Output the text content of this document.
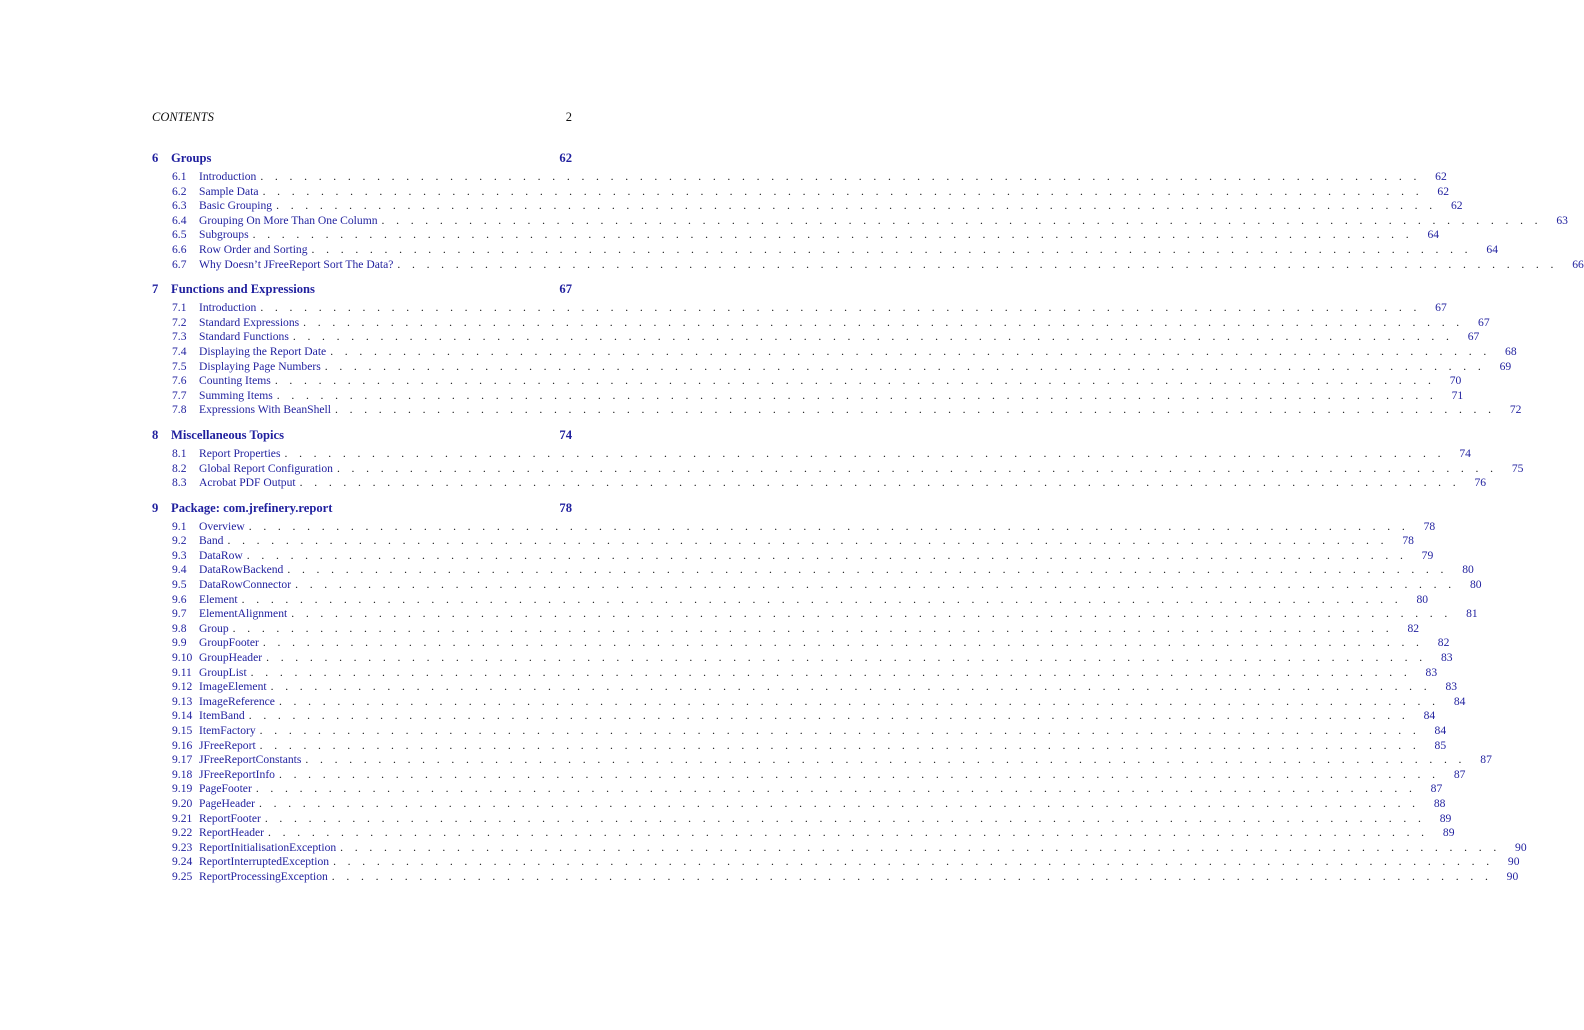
CONTENTS	2
6	Groups	62
6.1	Introduction . . . . . . . . . . . . . . . . . . . . . . . . . . . . . . . . . . . . . . . . . . . . . . . . . . . . . . . . . . . . . . . . . . . . . . . . . . . . . . . .	62
6.2	Sample Data . . . . . . . . . . . . . . . . . . . . . . . . . . . . . . . . . . . . . . . . . . . . . . . . . . . . . . . . . . . . . . . . . . . . . . . . . . . . . . . .	62
6.3	Basic Grouping . . . . . . . . . . . . . . . . . . . . . . . . . . . . . . . . . . . . . . . . . . . . . . . . . . . . . . . . . . . . . . . . . . . . . . . . . . . . . . . .	62
6.4	Grouping On More Than One Column . . . . . . . . . . . . . . . . . . . . . . . . . . . . . . . . . . . . . . . . . . . . . . . . . . . . . . . . . . . . . . . . . . . . . . . . . . . . . . . .	63
6.5	Subgroups . . . . . . . . . . . . . . . . . . . . . . . . . . . . . . . . . . . . . . . . . . . . . . . . . . . . . . . . . . . . . . . . . . . . . . . . . . . . . . . .	64
6.6	Row Order and Sorting . . . . . . . . . . . . . . . . . . . . . . . . . . . . . . . . . . . . . . . . . . . . . . . . . . . . . . . . . . . . . . . . . . . . . . . . . . . . . . . .	64
6.7	Why Doesn’t JFreeReport Sort The Data? . . . . . . . . . . . . . . . . . . . . . . . . . . . . . . . . . . . . . . . . . . . . . . . . . . . . . . . . . . . . . . . . . . . . . . . . . . . . . . . .	66
7	Functions and Expressions	67
7.1	Introduction . . . . . . . . . . . . . . . . . . . . . . . . . . . . . . . . . . . . . . . . . . . . . . . . . . . . . . . . . . . . . . . . . . . . . . . . . . . . . . . .	67
7.2	Standard Expressions . . . . . . . . . . . . . . . . . . . . . . . . . . . . . . . . . . . . . . . . . . . . . . . . . . . . . . . . . . . . . . . . . . . . . . . . . . . . . . . .	67
7.3	Standard Functions . . . . . . . . . . . . . . . . . . . . . . . . . . . . . . . . . . . . . . . . . . . . . . . . . . . . . . . . . . . . . . . . . . . . . . . . . . . . . . . .	67
7.4	Displaying the Report Date . . . . . . . . . . . . . . . . . . . . . . . . . . . . . . . . . . . . . . . . . . . . . . . . . . . . . . . . . . . . . . . . . . . . . . . . . . . . . . . .	68
7.5	Displaying Page Numbers . . . . . . . . . . . . . . . . . . . . . . . . . . . . . . . . . . . . . . . . . . . . . . . . . . . . . . . . . . . . . . . . . . . . . . . . . . . . . . . .	69
7.6	Counting Items . . . . . . . . . . . . . . . . . . . . . . . . . . . . . . . . . . . . . . . . . . . . . . . . . . . . . . . . . . . . . . . . . . . . . . . . . . . . . . . .	70
7.7	Summing Items . . . . . . . . . . . . . . . . . . . . . . . . . . . . . . . . . . . . . . . . . . . . . . . . . . . . . . . . . . . . . . . . . . . . . . . . . . . . . . . .	71
7.8	Expressions With BeanShell . . . . . . . . . . . . . . . . . . . . . . . . . . . . . . . . . . . . . . . . . . . . . . . . . . . . . . . . . . . . . . . . . . . . . . . . . . . . . . . .	72
8	Miscellaneous Topics	74
8.1	Report Properties . . . . . . . . . . . . . . . . . . . . . . . . . . . . . . . . . . . . . . . . . . . . . . . . . . . . . . . . . . . . . . . . . . . . . . . . . . . . . . . .	74
8.2	Global Report Configuration . . . . . . . . . . . . . . . . . . . . . . . . . . . . . . . . . . . . . . . . . . . . . . . . . . . . . . . . . . . . . . . . . . . . . . . . . . . . . . . .	75
8.3	Acrobat PDF Output . . . . . . . . . . . . . . . . . . . . . . . . . . . . . . . . . . . . . . . . . . . . . . . . . . . . . . . . . . . . . . . . . . . . . . . . . . . . . . . .	76
9	Package: com.jrefinery.report	78
9.1	Overview . . . . . . . . . . . . . . . . . . . . . . . . . . . . . . . . . . . . . . . . . . . . . . . . . . . . . . . . . . . . . . . . . . . . . . . . . . . . . . . .	78
9.2	Band . . . . . . . . . . . . . . . . . . . . . . . . . . . . . . . . . . . . . . . . . . . . . . . . . . . . . . . . . . . . . . . . . . . . . . . . . . . . . . . .	78
9.3	DataRow . . . . . . . . . . . . . . . . . . . . . . . . . . . . . . . . . . . . . . . . . . . . . . . . . . . . . . . . . . . . . . . . . . . . . . . . . . . . . . . .	79
9.4	DataRowBackend . . . . . . . . . . . . . . . . . . . . . . . . . . . . . . . . . . . . . . . . . . . . . . . . . . . . . . . . . . . . . . . . . . . . . . . . . . . . . . . .	80
9.5	DataRowConnector . . . . . . . . . . . . . . . . . . . . . . . . . . . . . . . . . . . . . . . . . . . . . . . . . . . . . . . . . . . . . . . . . . . . . . . . . . . . . . . .	80
9.6	Element . . . . . . . . . . . . . . . . . . . . . . . . . . . . . . . . . . . . . . . . . . . . . . . . . . . . . . . . . . . . . . . . . . . . . . . . . . . . . . . .	80
9.7	ElementAlignment . . . . . . . . . . . . . . . . . . . . . . . . . . . . . . . . . . . . . . . . . . . . . . . . . . . . . . . . . . . . . . . . . . . . . . . . . . . . . . . .	81
9.8	Group . . . . . . . . . . . . . . . . . . . . . . . . . . . . . . . . . . . . . . . . . . . . . . . . . . . . . . . . . . . . . . . . . . . . . . . . . . . . . . . .	82
9.9	GroupFooter . . . . . . . . . . . . . . . . . . . . . . . . . . . . . . . . . . . . . . . . . . . . . . . . . . . . . . . . . . . . . . . . . . . . . . . . . . . . . . . .	82
9.10 GroupHeader . . . . . . . . . . . . . . . . . . . . . . . . . . . . . . . . . . . . . . . . . . . . . . . . . . . . . . . . . . . . . . . . . . . . . . . . . . . . . . . .	83
9.11 GroupList . . . . . . . . . . . . . . . . . . . . . . . . . . . . . . . . . . . . . . . . . . . . . . . . . . . . . . . . . . . . . . . . . . . . . . . . . . . . . . . .	83
9.12 ImageElement . . . . . . . . . . . . . . . . . . . . . . . . . . . . . . . . . . . . . . . . . . . . . . . . . . . . . . . . . . . . . . . . . . . . . . . . . . . . . . . .	83
9.13 ImageReference . . . . . . . . . . . . . . . . . . . . . . . . . . . . . . . . . . . . . . . . . . . . . . . . . . . . . . . . . . . . . . . . . . . . . . . . . . . . . . . .	84
9.14 ItemBand . . . . . . . . . . . . . . . . . . . . . . . . . . . . . . . . . . . . . . . . . . . . . . . . . . . . . . . . . . . . . . . . . . . . . . . . . . . . . . . .	84
9.15 ItemFactory . . . . . . . . . . . . . . . . . . . . . . . . . . . . . . . . . . . . . . . . . . . . . . . . . . . . . . . . . . . . . . . . . . . . . . . . . . . . . . . .	84
9.16 JFreeReport . . . . . . . . . . . . . . . . . . . . . . . . . . . . . . . . . . . . . . . . . . . . . . . . . . . . . . . . . . . . . . . . . . . . . . . . . . . . . . . .	85
9.17 JFreeReportConstants . . . . . . . . . . . . . . . . . . . . . . . . . . . . . . . . . . . . . . . . . . . . . . . . . . . . . . . . . . . . . . . . . . . . . . . . . . . . . . . .	87
9.18 JFreeReportInfo . . . . . . . . . . . . . . . . . . . . . . . . . . . . . . . . . . . . . . . . . . . . . . . . . . . . . . . . . . . . . . . . . . . . . . . . . . . . . . . .	87
9.19 PageFooter . . . . . . . . . . . . . . . . . . . . . . . . . . . . . . . . . . . . . . . . . . . . . . . . . . . . . . . . . . . . . . . . . . . . . . . . . . . . . . . .	87
9.20 PageHeader . . . . . . . . . . . . . . . . . . . . . . . . . . . . . . . . . . . . . . . . . . . . . . . . . . . . . . . . . . . . . . . . . . . . . . . . . . . . . . . .	88
9.21 ReportFooter . . . . . . . . . . . . . . . . . . . . . . . . . . . . . . . . . . . . . . . . . . . . . . . . . . . . . . . . . . . . . . . . . . . . . . . . . . . . . . . .	89
9.22 ReportHeader . . . . . . . . . . . . . . . . . . . . . . . . . . . . . . . . . . . . . . . . . . . . . . . . . . . . . . . . . . . . . . . . . . . . . . . . . . . . . . . .	89
9.23 ReportInitialisationException . . . . . . . . . . . . . . . . . . . . . . . . . . . . . . . . . . . . . . . . . . . . . . . . . . . . . . . . . . . . . . . . . . . . . . . . . . . . . . . .	90
9.24 ReportInterruptedException . . . . . . . . . . . . . . . . . . . . . . . . . . . . . . . . . . . . . . . . . . . . . . . . . . . . . . . . . . . . . . . . . . . . . . . . . . . . . . . .	90
9.25 ReportProcessingException . . . . . . . . . . . . . . . . . . . . . . . . . . . . . . . . . . . . . . . . . . . . . . . . . . . . . . . . . . . . . . . . . . . . . . . . . . . . . . . .	90
